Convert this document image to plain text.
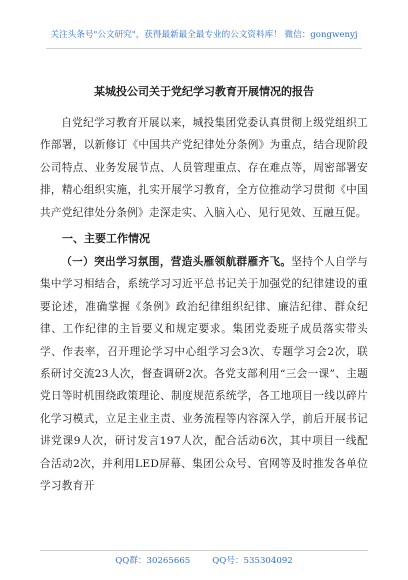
关注头条号"公文研究"，获得最新最全最专业的公文资料库！ 微信：gongwenyj
某城投公司关于党纪学习教育开展情况的报告

自党纪学习教育开展以来，城投集团党委认真贯彻上级党组织工作部署，以新修订《中国共产党纪律处分条例》为重点，结合现阶段公司特点、业务发展节点、人员管理重点、存在难点等，周密部署安排，精心组织实施，扎实开展学习教育，全方位推动学习贯彻《中国共产党纪律处分条例》走深走实、入脑入心、见行见效、互融互促。

一、主要工作情况

（一）突出学习氛围，营造头雁领航群雁齐飞。坚持个人自学与集中学习相结合，系统学习习近平总书记关于加强党的纪律建设的重要论述，准确掌握《条例》政治纪律组织纪律、廉洁纪律、群众纪律、工作纪律的主旨要义和规定要求。集团党委班子成员落实带头学、作表率，召开理论学习中心组学习会3次、专题学习会2次，联系研讨交流23人次，督查调研2次。各党支部利用“三会一课”、主题党日等时机围绕政策理论、制度规范系统学，各工地项目一线以碎片化学习模式，立足主业主责、业务流程等内容深入学，前后开展书记讲党课9人次，研讨发言197人次，配合活动6次，其中项目一线配合活动2次，并利用LED屏幕、集团公众号、官网等及时推发各单位学习教育开

QQ群：30265665	QQ号：535304092
